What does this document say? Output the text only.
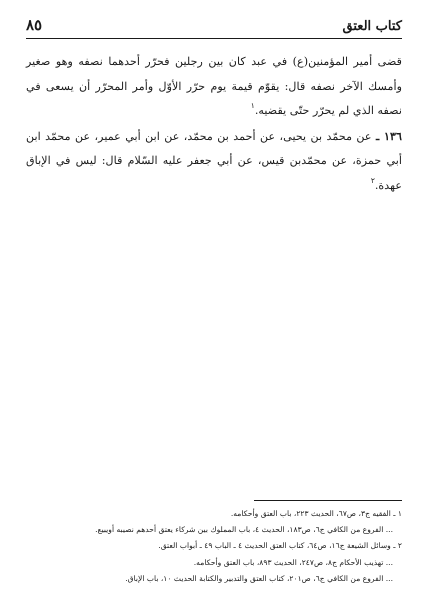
كتاب العتق
٨٥

قضى أمير المؤمنين(ع) في عبد كان بين رجلين فحرّر أحدهما نصفه وهو صغير وأمسك الآخر نصفه قال: يقوّم قيمة يوم حرّر الأوّل وأمر المحرّر أن يسعى في نصفه الذي لم يحرّر حتّى يقضيه.$^١$

١٣٦ ـ عن محمّد بن يحيى، عن أحمد بن محمّد، عن ابن أبي عمير، عن محمّد ابن أبي حمزة، عن محمّدبن قيس، عن أبي جعفر عليه السّلام قال: ليس في الإباق عهدة.$^٢$

١ ـ الفقيه ج٣، ص٦٧، الحديث ٢٢٣، باب العتق وأحكامه.
... الفروع من الكافي ج٦، ص١٨٣، الحديث ٤، باب المملوك بين شركاء يعتق أحدهم نصيبه أويبيع.
٢ ـ وسائل الشيعة ج١٦، ص٦٤، كتاب العتق الحديث ٤ ـ الباب ٤٩ ـ أبواب العتق.
... تهذيب الأحكام ج٨، ص٢٤٧، الحديث ٨٩٣، باب العتق وأحكامه.
... الفروع من الكافي ج٦، ص٢٠١، كتاب العتق والتدبير والكتابة الحديث ١٠، باب الإباق.
